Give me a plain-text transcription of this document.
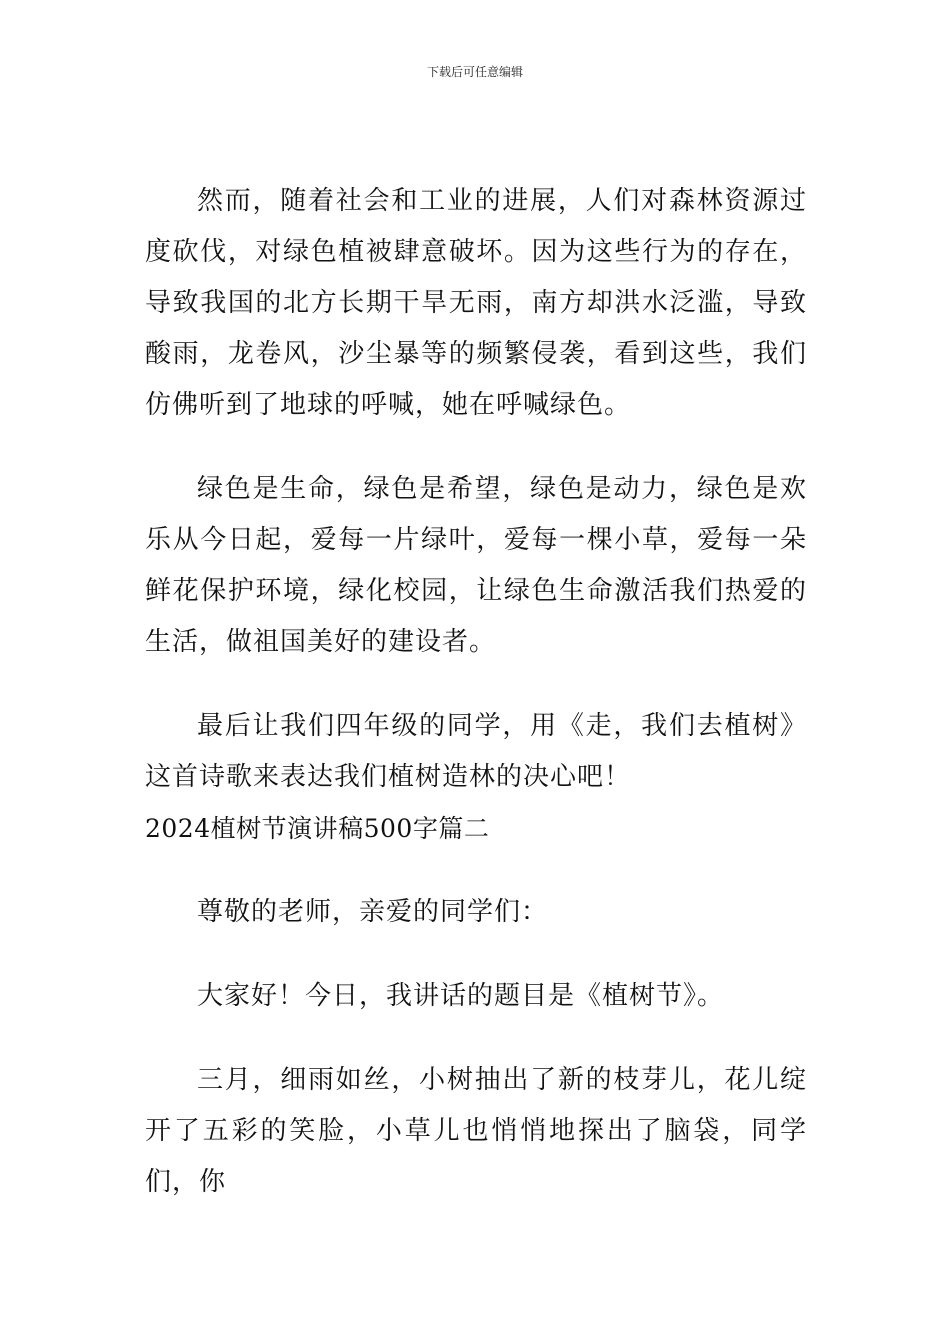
下载后可任意编辑

然而，随着社会和工业的进展，人们对森林资源过度砍伐，对绿色植被肆意破坏。因为这些行为的存在，导致我国的北方长期干旱无雨，南方却洪水泛滥，导致酸雨，龙卷风，沙尘暴等的频繁侵袭，看到这些，我们仿佛听到了地球的呼喊，她在呼喊绿色。

绿色是生命，绿色是希望，绿色是动力，绿色是欢乐从今日起，爱每一片绿叶，爱每一棵小草，爱每一朵鲜花保护环境，绿化校园，让绿色生命激活我们热爱的生活，做祖国美好的建设者。

最后让我们四年级的同学，用《走，我们去植树》这首诗歌来表达我们植树造林的决心吧！

2024植树节演讲稿500字篇二

尊敬的老师，亲爱的同学们：

大家好！今日，我讲话的题目是《植树节》。

三月，细雨如丝，小树抽出了新的枝芽儿，花儿绽开了五彩的笑脸，小草儿也悄悄地探出了脑袋，同学们，你
